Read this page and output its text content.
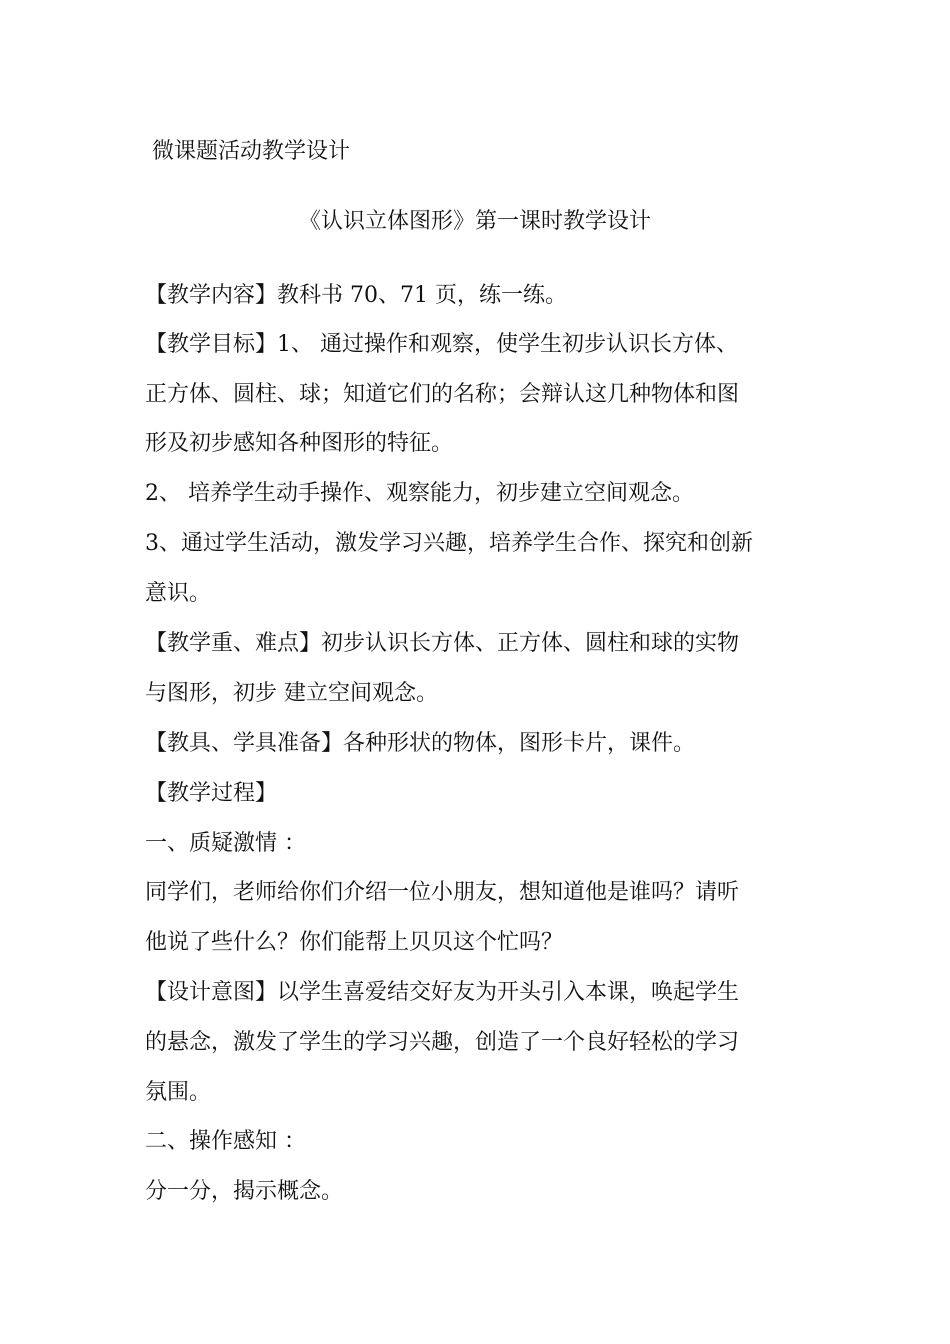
微课题活动教学设计
《认识立体图形》第一课时教学设计
【教学内容】教科书 70、71 页，练一练。
【教学目标】1、 通过操作和观察，使学生初步认识长方体、
正方体、圆柱、球；知道它们的名称；会辩认这几种物体和图
形及初步感知各种图形的特征。
2、 培养学生动手操作、观察能力，初步建立空间观念。
3、通过学生活动，激发学习兴趣，培养学生合作、探究和创新
意识。
【教学重、难点】初步认识长方体、正方体、圆柱和球的实物
与图形，初步 建立空间观念。
【教具、学具准备】各种形状的物体，图形卡片，课件。
【教学过程】
一、质疑激情 ：
同学们，老师给你们介绍一位小朋友，想知道他是谁吗？请听
他说了些什么？你们能帮上贝贝这个忙吗？
【设计意图】以学生喜爱结交好友为开头引入本课，唤起学生
的悬念，激发了学生的学习兴趣，创造了一个良好轻松的学习
氛围。
二、操作感知 ：
分一分，揭示概念。
